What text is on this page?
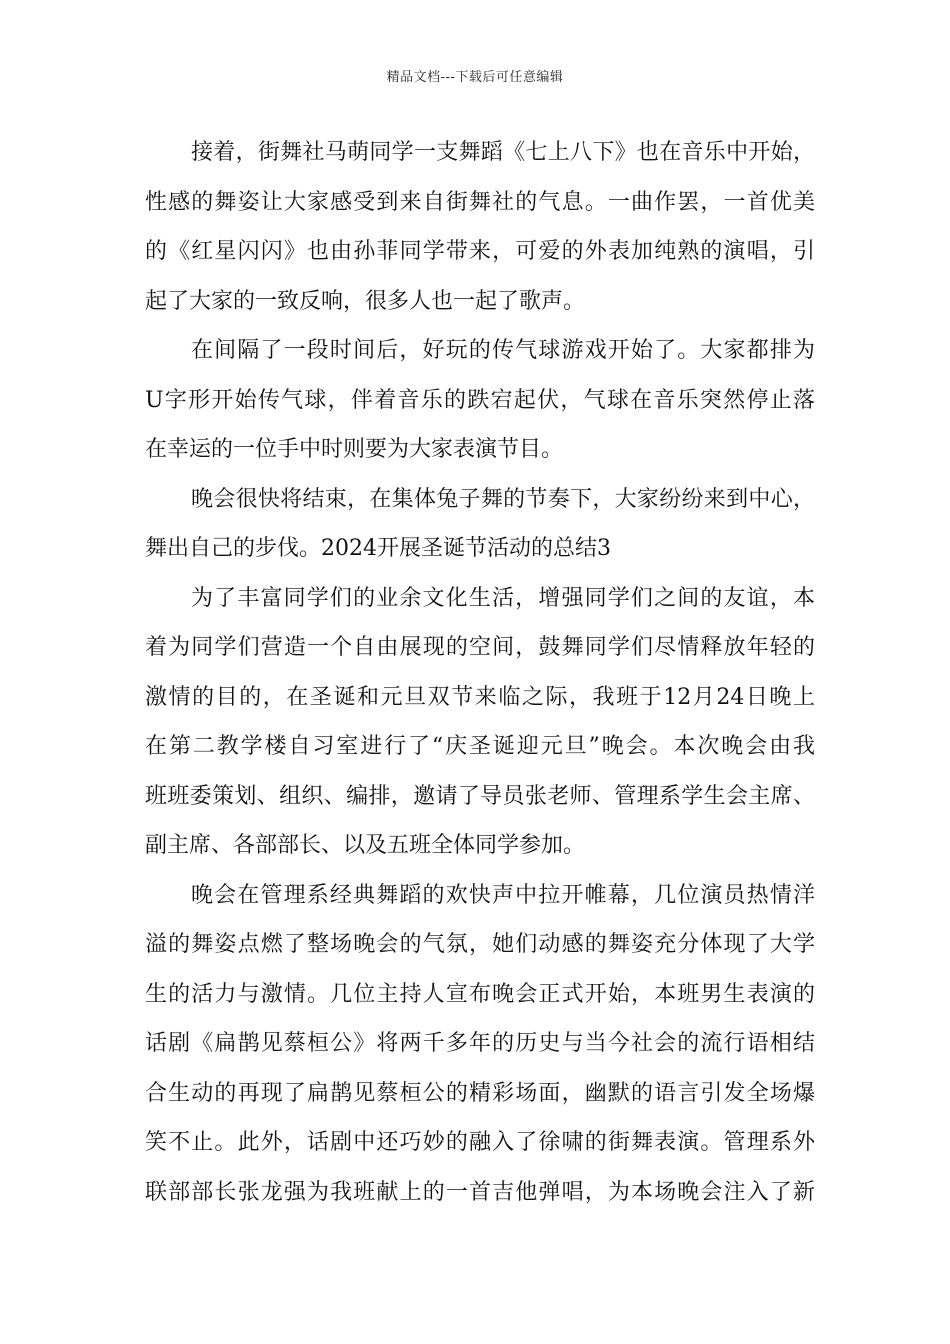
精品文档---下载后可任意编辑
接着，街舞社马萌同学一支舞蹈《七上八下》也在音乐中开始，
性感的舞姿让大家感受到来自街舞社的气息。一曲作罢，一首优美
的《红星闪闪》也由孙菲同学带来，可爱的外表加纯熟的演唱，引
起了大家的一致反响，很多人也一起了歌声。
在间隔了一段时间后，好玩的传气球游戏开始了。大家都排为
U字形开始传气球，伴着音乐的跌宕起伏，气球在音乐突然停止落
在幸运的一位手中时则要为大家表演节目。
晚会很快将结束，在集体兔子舞的节奏下，大家纷纷来到中心，
舞出自己的步伐。2024开展圣诞节活动的总结3
为了丰富同学们的业余文化生活，增强同学们之间的友谊，本
着为同学们营造一个自由展现的空间，鼓舞同学们尽情释放年轻的
激情的目的，在圣诞和元旦双节来临之际，我班于12月24日晚上
在第二教学楼自习室进行了“庆圣诞迎元旦”晚会。本次晚会由我
班班委策划、组织、编排，邀请了导员张老师、管理系学生会主席、
副主席、各部部长、以及五班全体同学参加。
晚会在管理系经典舞蹈的欢快声中拉开帷幕，几位演员热情洋
溢的舞姿点燃了整场晚会的气氛，她们动感的舞姿充分体现了大学
生的活力与激情。几位主持人宣布晚会正式开始，本班男生表演的
话剧《扁鹊见蔡桓公》将两千多年的历史与当今社会的流行语相结
合生动的再现了扁鹊见蔡桓公的精彩场面，幽默的语言引发全场爆
笑不止。此外，话剧中还巧妙的融入了徐啸的街舞表演。管理系外
联部部长张龙强为我班献上的一首吉他弹唱，为本场晚会注入了新
